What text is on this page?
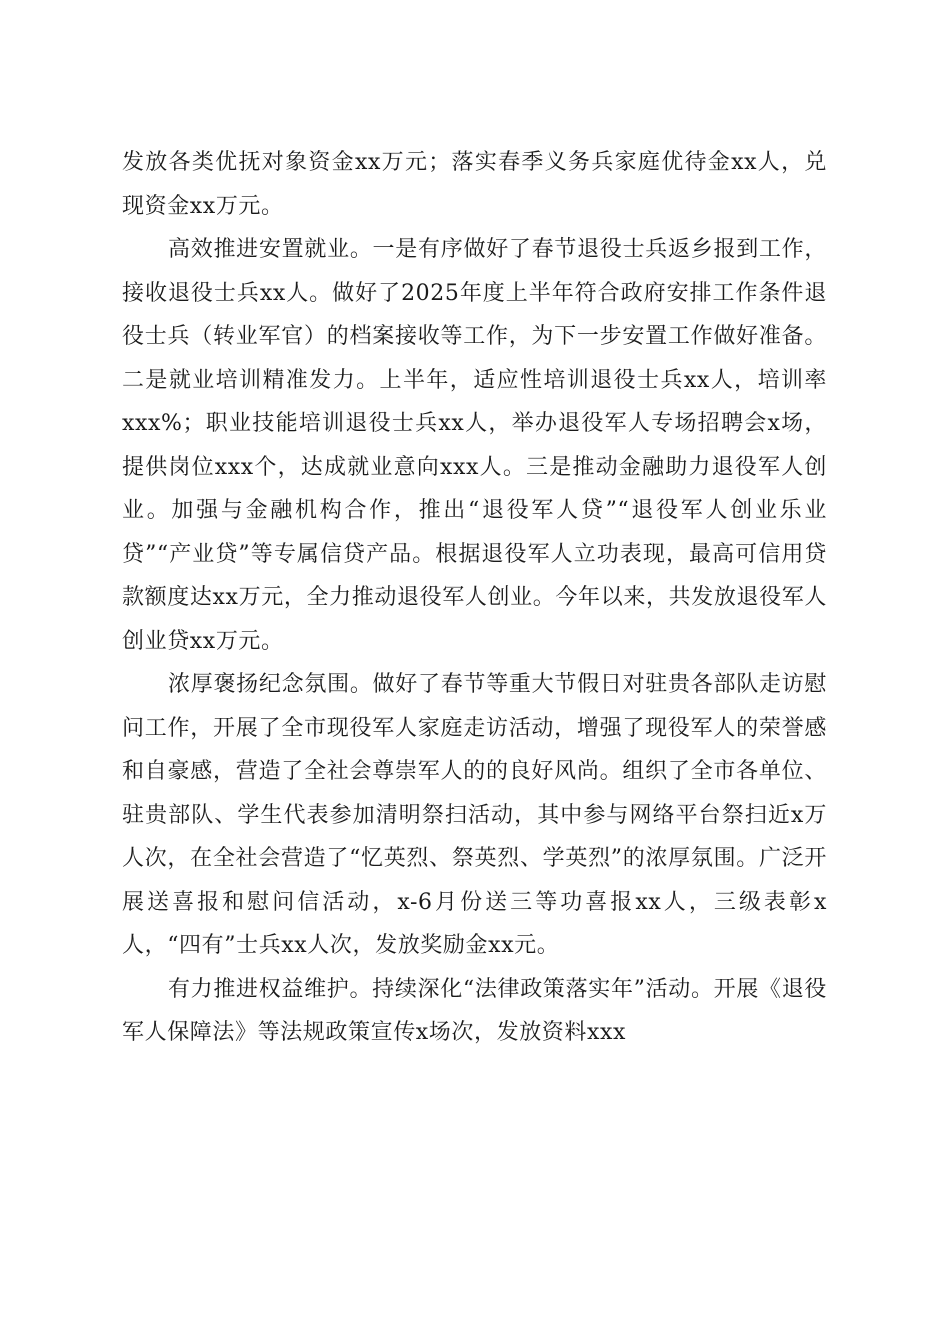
发放各类优抚对象资金xx万元；落实春季义务兵家庭优待金xx人，兑现资金xx万元。

高效推进安置就业。一是有序做好了春节退役士兵返乡报到工作，接收退役士兵xx人。做好了2025年度上半年符合政府安排工作条件退役士兵（转业军官）的档案接收等工作，为下一步安置工作做好准备。二是就业培训精准发力。上半年，适应性培训退役士兵xx人，培训率xxx%；职业技能培训退役士兵xx人，举办退役军人专场招聘会x场，提供岗位xxx个，达成就业意向xxx人。三是推动金融助力退役军人创业。加强与金融机构合作，推出“退役军人贷”“退役军人创业乐业贷”“产业贷”等专属信贷产品。根据退役军人立功表现，最高可信用贷款额度达xx万元，全力推动退役军人创业。今年以来，共发放退役军人创业贷xx万元。

浓厚褒扬纪念氛围。做好了春节等重大节假日对驻贵各部队走访慰问工作，开展了全市现役军人家庭走访活动，增强了现役军人的荣誉感和自豪感，营造了全社会尊崇军人的的良好风尚。组织了全市各单位、驻贵部队、学生代表参加清明祭扫活动，其中参与网络平台祭扫近x万人次，在全社会营造了“忆英烈、祭英烈、学英烈”的浓厚氛围。广泛开展送喜报和慰问信活动，x-6月份送三等功喜报xx人，三级表彰x人，“四有”士兵xx人次，发放奖励金xx元。

有力推进权益维护。持续深化“法律政策落实年”活动。开展《退役军人保障法》等法规政策宣传x场次，发放资料xxx
